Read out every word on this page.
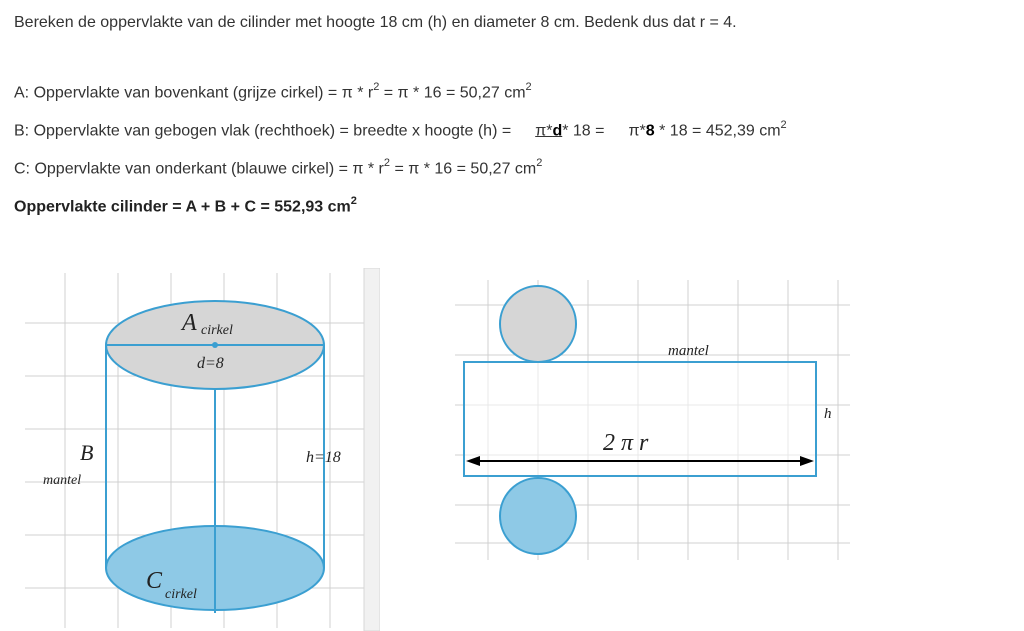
Bereken de oppervlakte van de cilinder met hoogte 18 cm (h) en diameter 8 cm. Bedenk dus dat r = 4.
A: Oppervlakte van bovenkant (grijze cirkel) = $\pi * r^2 = \pi * 16 = 50,27$ $cm^2$
B: Oppervlakte van gebogen vlak (rechthoek) = breedte x hoogte (h) = π*d* 18 = π*8 * 18 = 452,39 $cm^2$
C: Oppervlakte van onderkant (blauwe cirkel) = $\pi * r^2 = \pi * 16 = 50,27$ $cm^2$
Oppervlakte cilinder = A + B + C = 552,93 $cm^2$
A cirkel
d=8
B
mantel
h=18
C
cirkel
mantel
h
2 π r
